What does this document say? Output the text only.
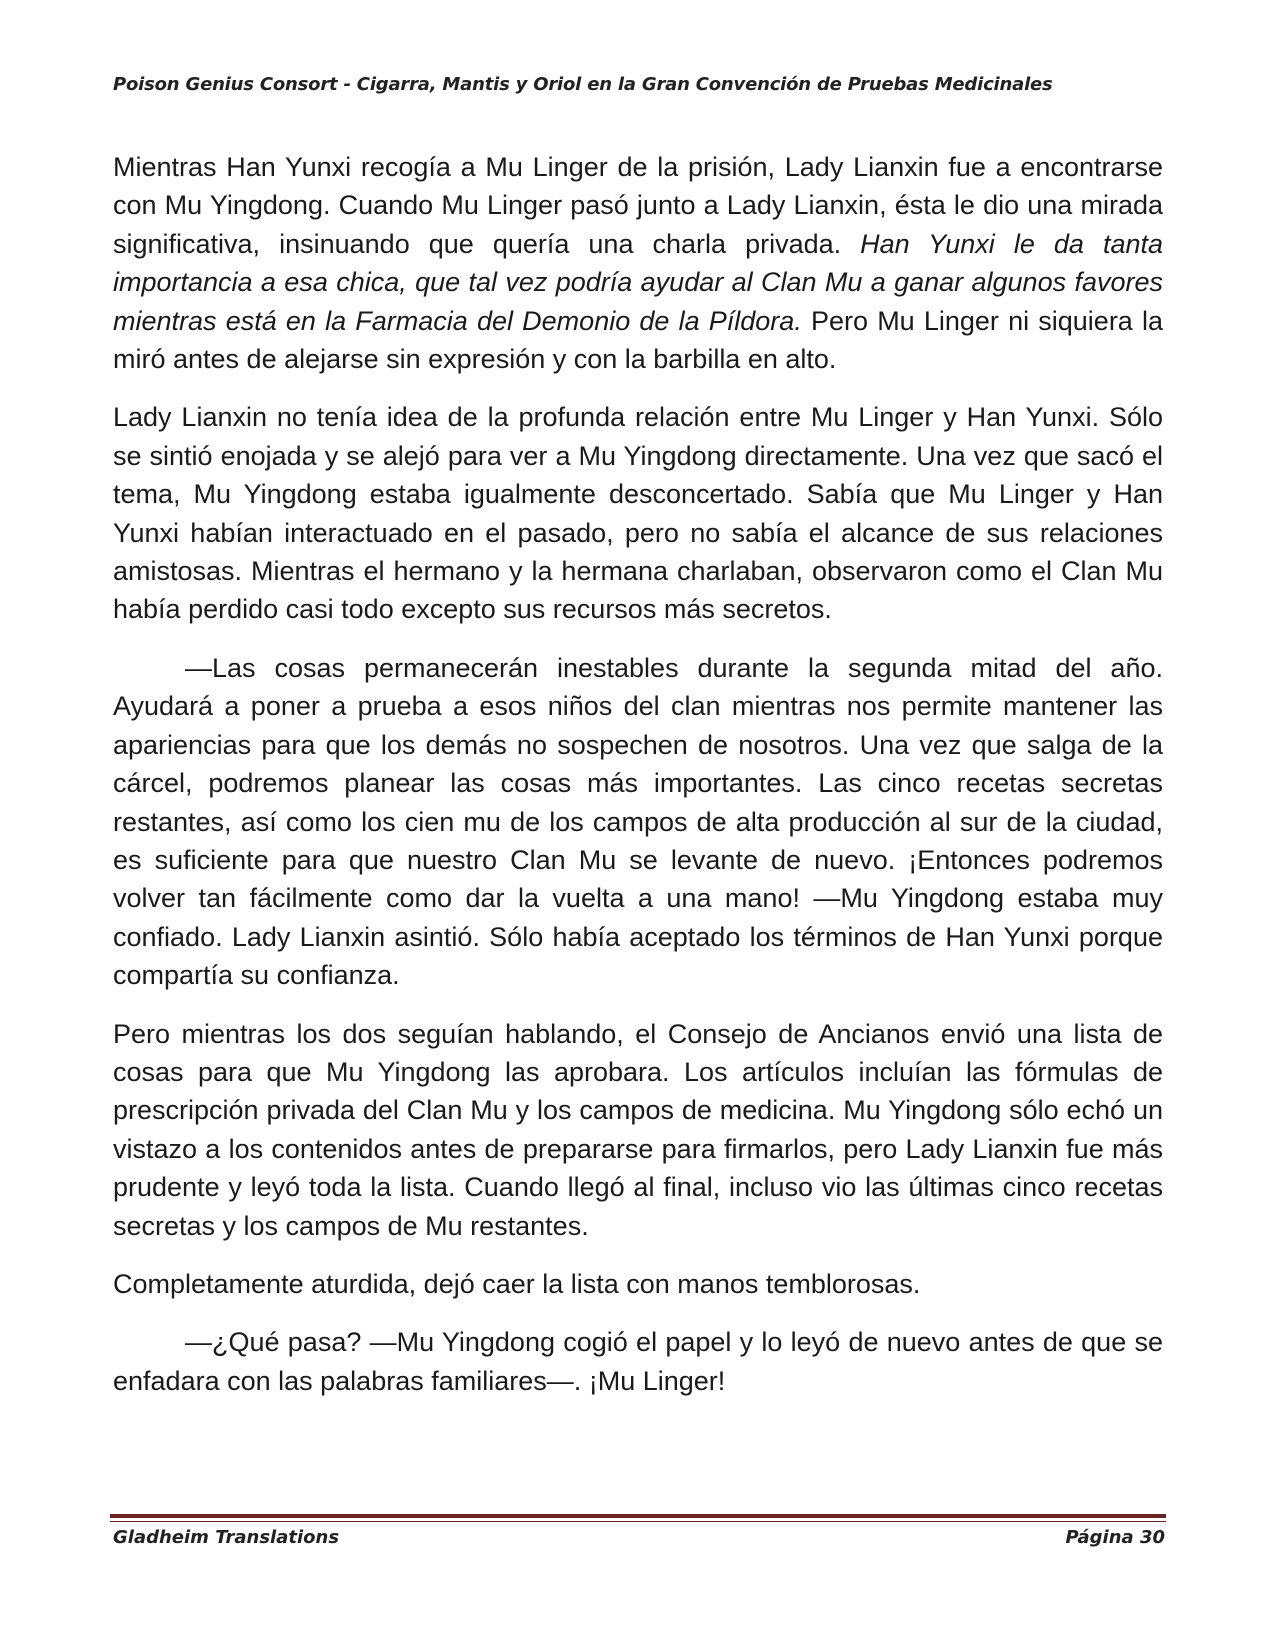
Poison Genius Consort - Cigarra, Mantis y Oriol en la Gran Convención de Pruebas Medicinales

Mientras Han Yunxi recogía a Mu Linger de la prisión, Lady Lianxin fue a encontrarse con Mu Yingdong. Cuando Mu Linger pasó junto a Lady Lianxin, ésta le dio una mirada significativa, insinuando que quería una charla privada. Han Yunxi le da tanta importancia a esa chica, que tal vez podría ayudar al Clan Mu a ganar algunos favores mientras está en la Farmacia del Demonio de la Píldora. Pero Mu Linger ni siquiera la miró antes de alejarse sin expresión y con la barbilla en alto.

Lady Lianxin no tenía idea de la profunda relación entre Mu Linger y Han Yunxi. Sólo se sintió enojada y se alejó para ver a Mu Yingdong directamente. Una vez que sacó el tema, Mu Yingdong estaba igualmente desconcertado. Sabía que Mu Linger y Han Yunxi habían interactuado en el pasado, pero no sabía el alcance de sus relaciones amistosas. Mientras el hermano y la hermana charlaban, observaron como el Clan Mu había perdido casi todo excepto sus recursos más secretos.

—Las cosas permanecerán inestables durante la segunda mitad del año. Ayudará a poner a prueba a esos niños del clan mientras nos permite mantener las apariencias para que los demás no sospechen de nosotros. Una vez que salga de la cárcel, podremos planear las cosas más importantes. Las cinco recetas secretas restantes, así como los cien mu de los campos de alta producción al sur de la ciudad, es suficiente para que nuestro Clan Mu se levante de nuevo. ¡Entonces podremos volver tan fácilmente como dar la vuelta a una mano! —Mu Yingdong estaba muy confiado. Lady Lianxin asintió. Sólo había aceptado los términos de Han Yunxi porque compartía su confianza.

Pero mientras los dos seguían hablando, el Consejo de Ancianos envió una lista de cosas para que Mu Yingdong las aprobara. Los artículos incluían las fórmulas de prescripción privada del Clan Mu y los campos de medicina. Mu Yingdong sólo echó un vistazo a los contenidos antes de prepararse para firmarlos, pero Lady Lianxin fue más prudente y leyó toda la lista. Cuando llegó al final, incluso vio las últimas cinco recetas secretas y los campos de Mu restantes.

Completamente aturdida, dejó caer la lista con manos temblorosas.

—¿Qué pasa? —Mu Yingdong cogió el papel y lo leyó de nuevo antes de que se enfadara con las palabras familiares—. ¡Mu Linger!

Gladheim Translations	Página 30
